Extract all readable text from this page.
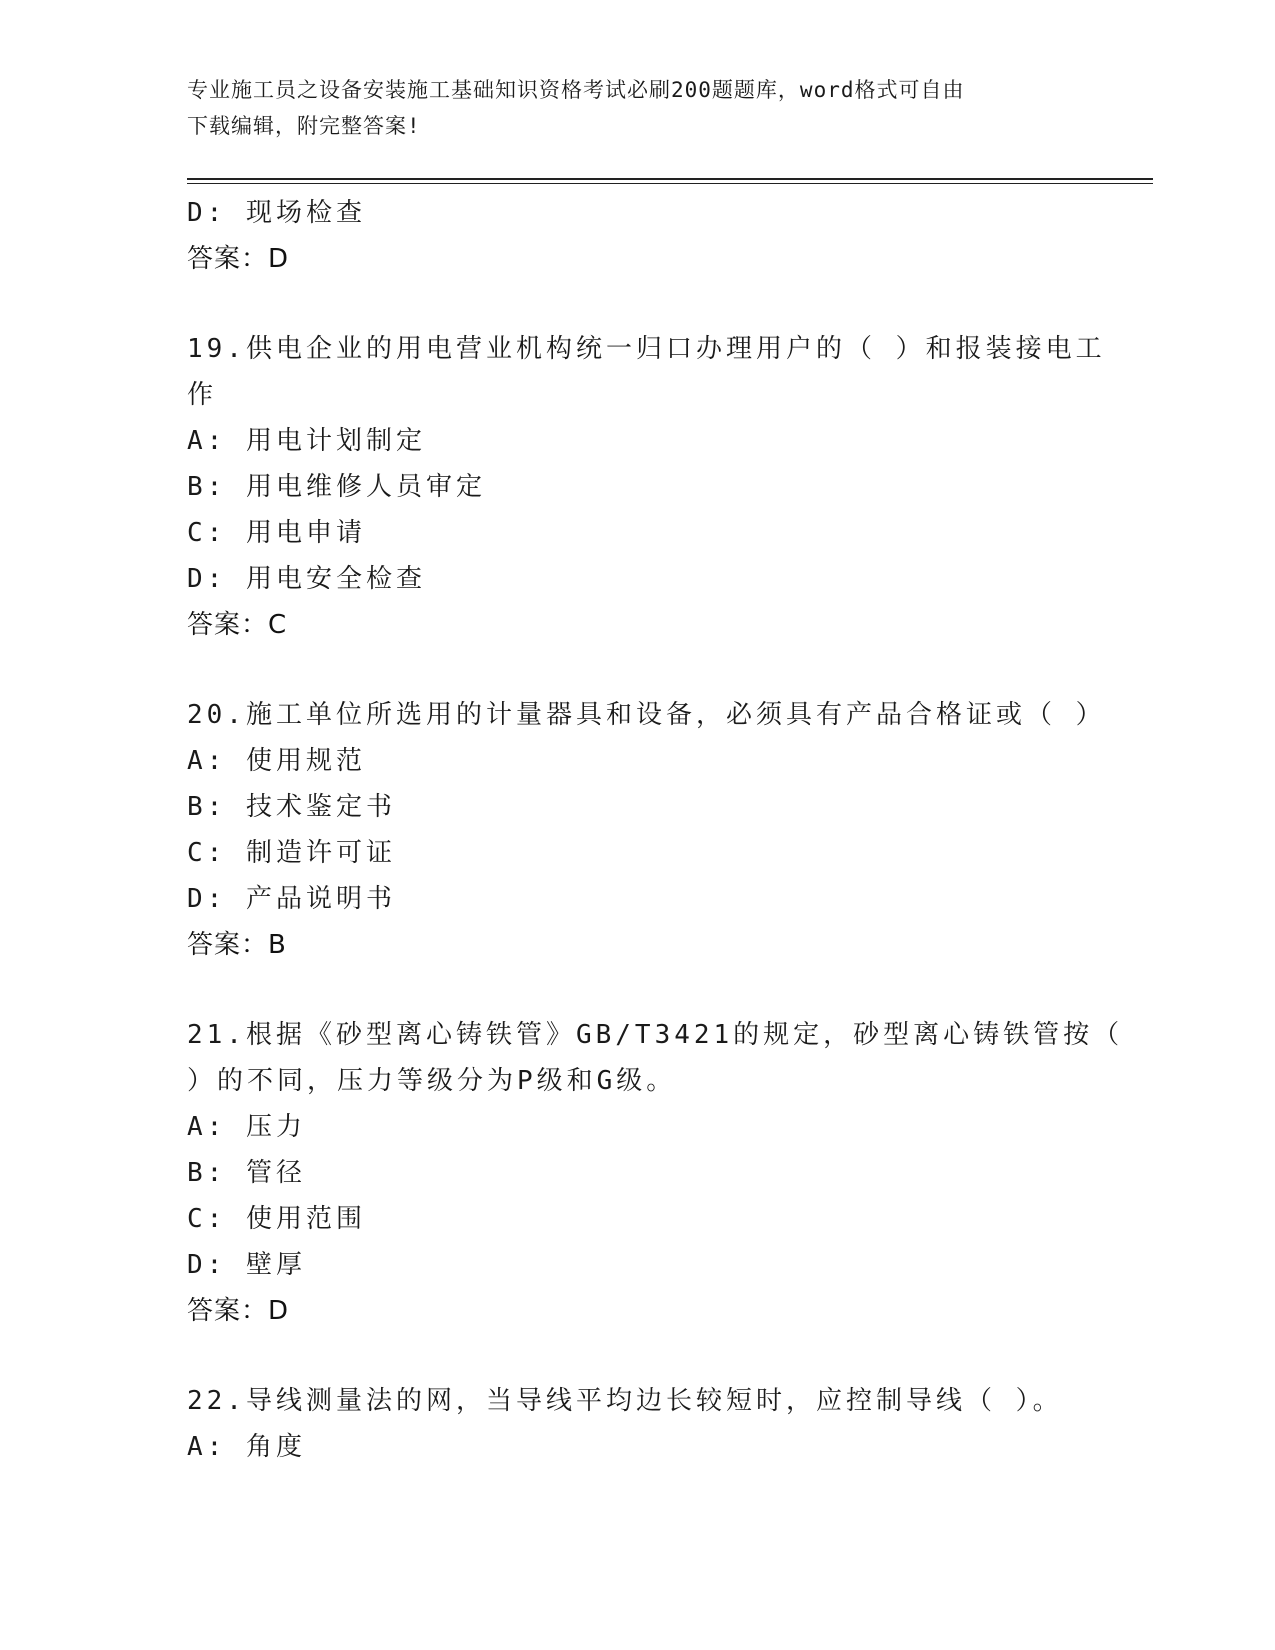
专业施工员之设备安装施工基础知识资格考试必刷200题题库，word格式可自由
下载编辑，附完整答案!
D: 现场检查
答案：D
19.供电企业的用电营业机构统一归口办理用户的（ ）和报装接电工
作
A: 用电计划制定
B: 用电维修人员审定
C: 用电申请
D: 用电安全检查
答案：C
20.施工单位所选用的计量器具和设备，必须具有产品合格证或（ ）
A: 使用规范
B: 技术鉴定书
C: 制造许可证
D: 产品说明书
答案：B
21.根据《砂型离心铸铁管》GB/T3421的规定，砂型离心铸铁管按（
）的不同，压力等级分为P级和G级。
A: 压力
B: 管径
C: 使用范围
D: 壁厚
答案：D
22.导线测量法的网，当导线平均边长较短时，应控制导线（ ）。
A: 角度
